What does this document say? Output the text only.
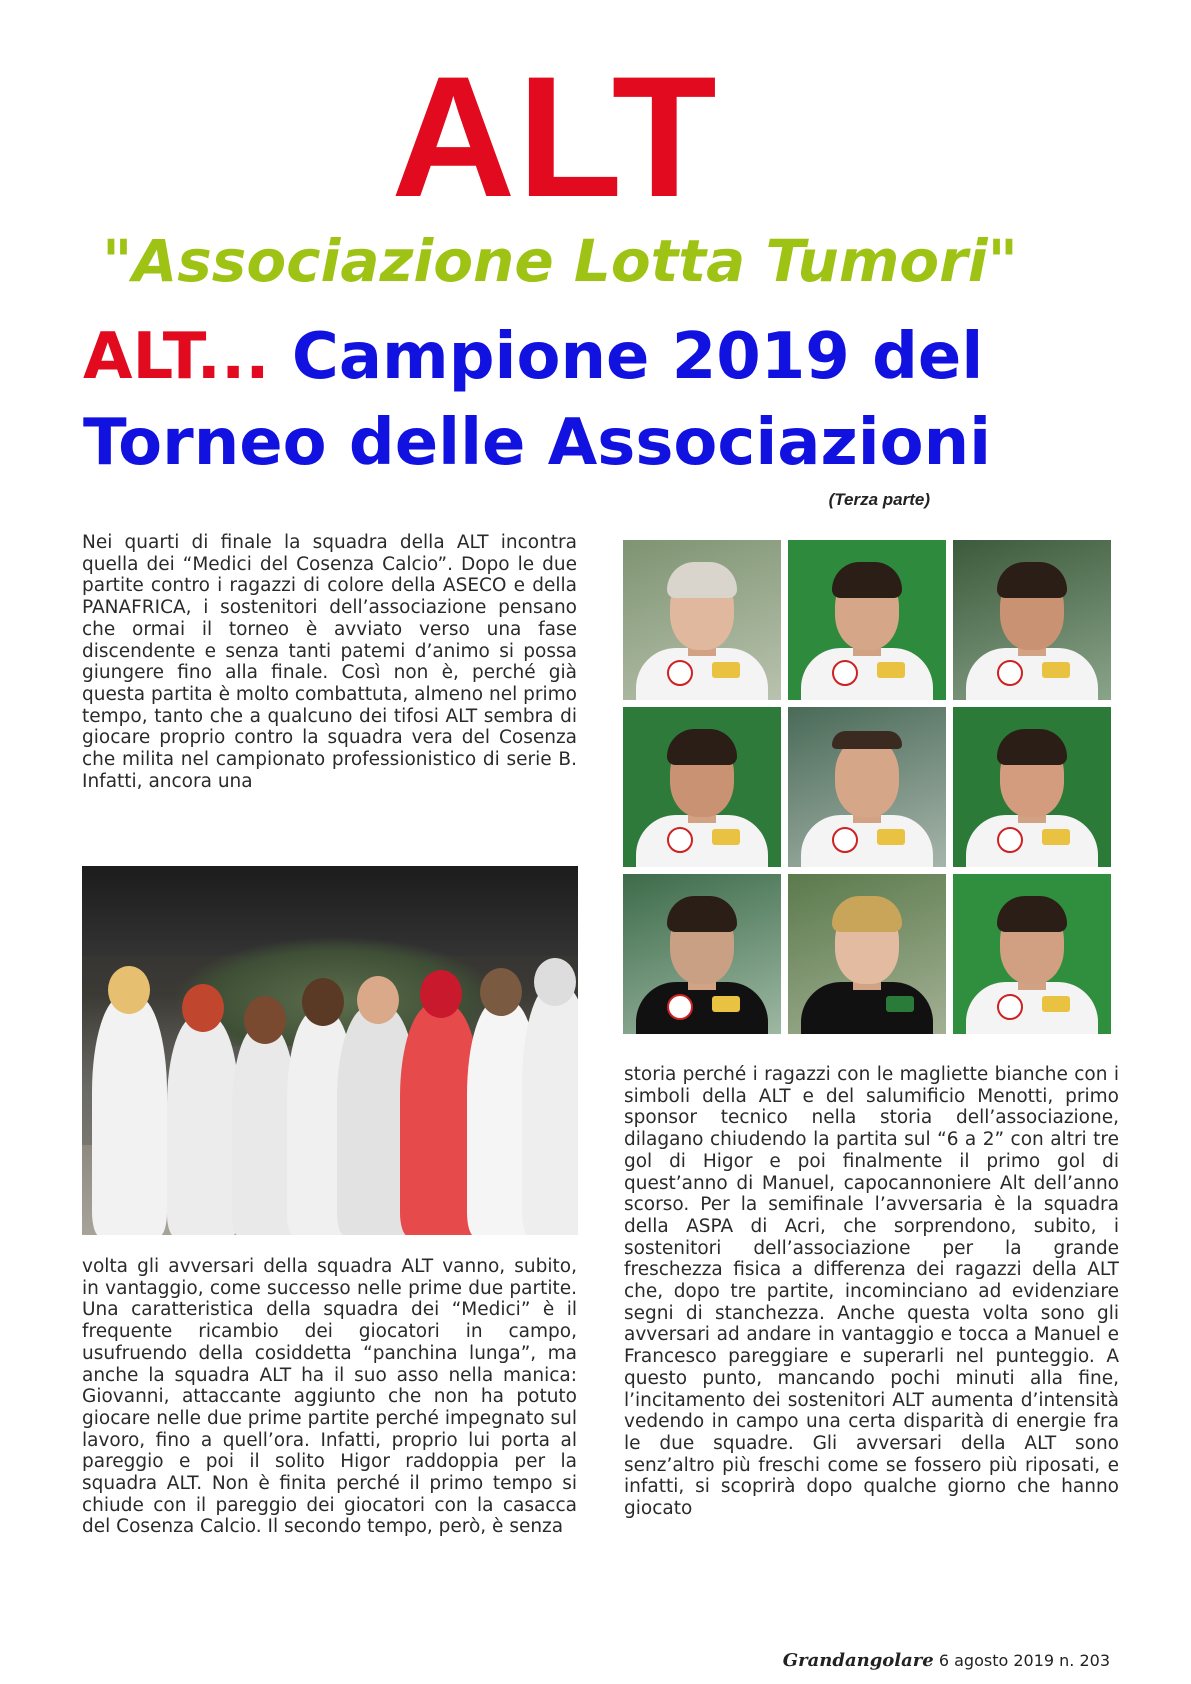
ALT
"Associazione Lotta Tumori"
ALT... Campione 2019 del
Torneo delle Associazioni
(Terza parte)
Nei quarti di finale la squadra della ALT incontra quella dei “Medici del Cosenza Calcio”. Dopo le due partite contro i ragazzi di colore della ASECO e della PANAFRICA, i sostenitori dell’associazione pensano che ormai il torneo è avviato verso una fase discendente e senza tanti patemi d’animo si possa giungere fino alla finale. Così non è, perché già questa partita è molto combattuta, almeno nel primo tempo, tanto che a qualcuno dei tifosi ALT sembra di giocare proprio contro la squadra vera del Cosenza che milita nel campionato professionistico di serie B. Infatti, ancora una
volta gli avversari della squadra ALT vanno, subito, in vantaggio, come successo nelle prime due partite. Una caratteristica della squadra dei “Medici” è il frequente ricambio dei giocatori in campo, usufruendo della cosiddetta “panchina lunga”, ma anche la squadra ALT ha il suo asso nella manica: Giovanni, attaccante aggiunto che non ha potuto giocare nelle due prime partite perché impegnato sul lavoro, fino a quell’ora. Infatti, proprio lui porta al pareggio e poi il solito Higor raddoppia per la squadra ALT. Non è finita perché il primo tempo si chiude con il pareggio dei giocatori con la casacca del Cosenza Calcio. Il secondo tempo, però, è senza
storia perché i ragazzi con le magliette bianche con i simboli della ALT e del salumificio Menotti, primo sponsor tecnico nella storia dell’associazione, dilagano chiudendo la partita sul “6 a 2” con altri tre gol di Higor e poi finalmente il primo gol di quest’anno di Manuel, capocannoniere Alt dell’anno scorso. Per la semifinale l’avversaria è la squadra della ASPA di Acri, che sorprendono, subito, i sostenitori dell’associazione per la grande freschezza fisica a differenza dei ragazzi della ALT che, dopo tre partite, incominciano ad evidenziare segni di stanchezza. Anche questa volta sono gli avversari ad andare in vantaggio e tocca a Manuel e Francesco pareggiare e superarli nel punteggio. A questo punto, mancando pochi minuti alla fine, l’incitamento dei sostenitori ALT aumenta d’intensità vedendo in campo una certa disparità di energie fra le due squadre. Gli avversari della ALT sono senz’altro più freschi come se fossero più riposati, e infatti, si scoprirà dopo qualche giorno che hanno giocato
Grandangolare 6 agosto 2019 n. 203
